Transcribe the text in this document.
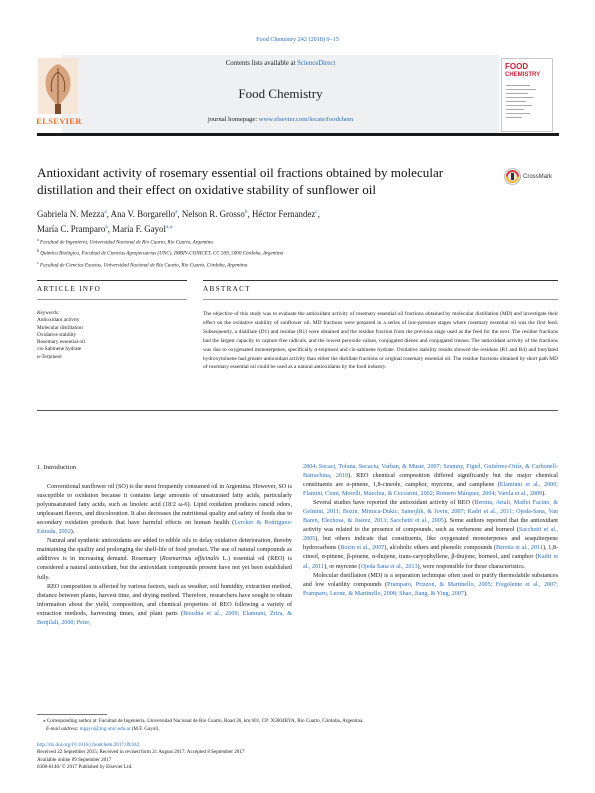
Food Chemistry 242 (2018) 9–15
Contents lists available at ScienceDirect
Food Chemistry
journal homepage: www.elsevier.com/locate/foodchem
ELSEVIER
FOOD
CHEMISTRY
Antioxidant activity of rosemary essential oil fractions obtained by molecular distillation and their effect on oxidative stability of sunflower oil
CrossMark
Gabriela N. Mezza$^a$, Ana V. Borgarello$^a$, Nelson R. Grosso$^b$, Héctor Fernandez$^c$,
María C. Pramparo$^a$, María F. Gayol$^{a,⁎}$
$^a$ Facultad de Ingeniería, Universidad Nacional de Río Cuarto, Río Cuarto, Argentina
$^b$ Química Biológica, Facultad de Ciencias Agropecuarias (UNC), IMBIV-CONICET, CC 509, 5000 Córdoba, Argentina
$^c$ Facultad de Ciencias Exactas, Universidad Nacional de Río Cuarto, Río Cuarto, Córdoba, Argentina
ARTICLE INFO	ABSTRACT
Keywords:
Antioxidant activity
Molecular distillation
Oxidative stability
Rosemary essential oil
cis-Sabinene hydrate
α-Terpineol
The objective of this study was to evaluate the antioxidant activity of rosemary essential oil fractions obtained by molecular distillation (MD) and investigate their effect on the oxidative stability of sunflower oil. MD fractions were prepared in a series of low-pressure stages where rosemary essential oil was the first feed. Subsequently, a distillate (D1) and residue (R1) were obtained and the residue fraction from the previous stage used as the feed for the next. The residue fractions had the largest capacity to capture free radicals, and the lowest peroxide values, conjugated dienes and conjugated trienes. The antioxidant activity of the fractions was due to oxygenated monoterpenes, specifically α-terpineol and cis-sabinene hydrate. Oxidative stability results showed the residues (R1 and R4) and butylated hydroxytoluene had greater antioxidant activity than either the distillate fractions or original rosemary essential oil. The residue fractions obtained by short path MD of rosemary essential oil could be used as a natural antioxidants by the food industry.
1. Introduction

Conventional sunflower oil (SO) is the most frequently consumed oil in Argentina. However, SO is susceptible to oxidation because it contains large amounts of unsaturated fatty acids, particularly polyunsaturated fatty acids, such as linoleic acid (18:2 ω-6). Lipid oxidation produces rancid odors, unpleasant flavors, and discoloration. It also decreases the nutritional quality and safety of foods due to secondary oxidation products that have harmful effects on human health (Lercker & Rodriguez-Estrada, 2002).

Natural and synthetic antioxidants are added to edible oils to delay oxidative deterioration, thereby maintaining the quality and prolonging the shelf-life of food product. The use of natural compounds as additives is in increasing demand. Rosemary (Rosmarinus officinalis L.) essential oil (REO) is considered a natural antioxidant, but the antioxidant compounds present have not yet been established fully.

REO composition is affected by various factors, such as weather, soil humidity, extraction method, distance between plants, harvest time, and drying method. Therefore, researchers have sought to obtain information about the yield, composition, and chemical properties of REO following a variety of extraction methods, harvesting times, and plant parts (Bousbia et al., 2009; Elamrani, Zrira, & Benjilali, 2000; Peter,

2004; Socaci, Tofana, Socaciu, Varban, & Muste, 2007; Szumny, Figiel, Gutiérrez-Ortíz, & Carbonell-Barrachina, 2010). REO chemical composition differed significantly but the major chemical constituents are α-pinene, 1,8-cineole, camphor, myrcene, and camphene (Elamrani et al., 2000; Flamini, Cioni, Morelli, Macchia, & Ceccarini, 2002; Romero Márquez, 2004; Varela et al., 2009).

Several studies have reported the antioxidant activity of REO (Beretta, Artali, Maffei Facino, & Gelmini, 2011; Bozin, Mimica-Dukic, Samojlik, & Jovin, 2007; Kadri et al., 2011; Ojeda-Sana, Van Baren, Elechosa, & Juárez, 2013; Sacchetti et al., 2005). Some authors reported that the antioxidant activity was related to the presence of compounds, such as verbenone and borneol (Sacchetti et al., 2005), but others indicate that constituents, like oxygenated monoterpenes and sesquiterpene hydrocarbons (Bozin et al., 2007), alcoholic ethers and phenolic compounds (Beretta et al., 2011), 1,8-cineol, α-pinene, β-pinene, α-thujene, trans-caryophyllene, β-thujone, borneol, and camphor (Kadri et al., 2011), or myrcene (Ojeda Sana et al., 2013), were responsible for these characteristics.

Molecular distillation (MD) is a separation technique often used to purify thermolabile substances and low volatility compounds (Pramparo, Prizzon, & Martinello, 2005; Fregolente et al., 2007; Pramparo, Leone, & Martinello, 2008; Shao, Jiang, & Ying, 2007).

⁎ Corresponding author at: Facultad de Ingeniería, Universidad Nacional de Río Cuarto, Road 36, km 601, CP: X5804BYA, Río Cuarto, Córdoba, Argentina.
E-mail address: mgayol@ing.unrc.edu.ar (M.F. Gayol).
http://dx.doi.org/10.1016/j.foodchem.2017.09.042
Received 22 September 2015; Received in revised form 21 August 2017; Accepted 8 September 2017
Available online 09 September 2017
0308-8146/ © 2017 Published by Elsevier Ltd.
